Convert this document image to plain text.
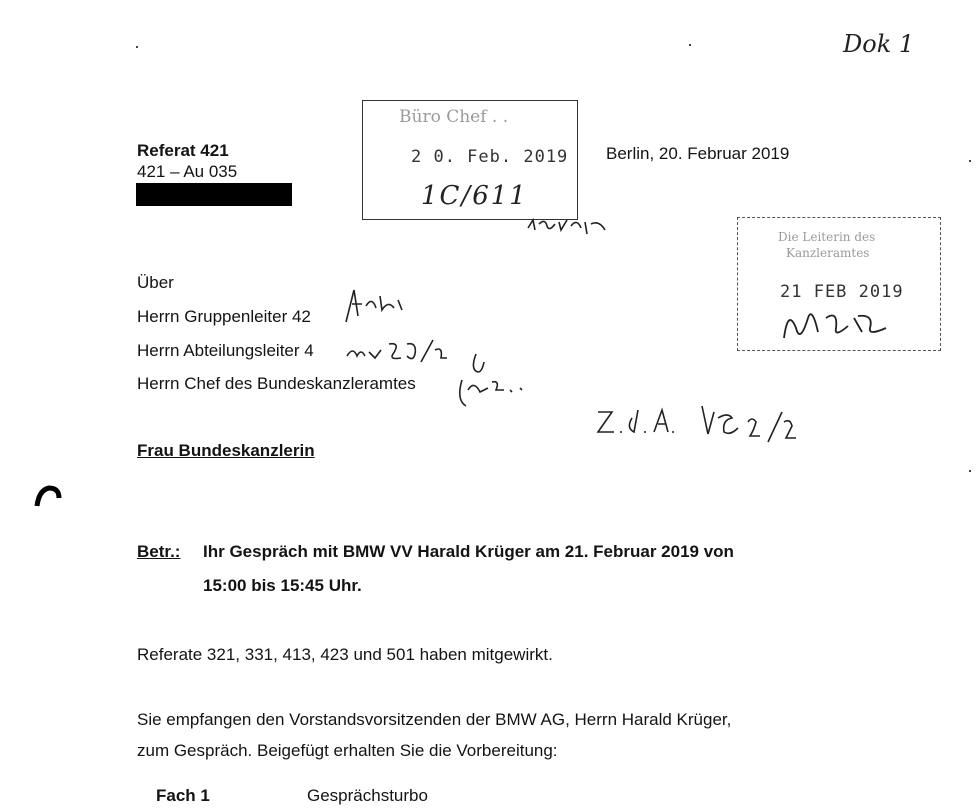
Dok 1
Referat 421
421 – Au 035
Büro Chef . .
2 0. Feb. 2019
1C/611
Berlin, 20. Februar 2019
Die Leiterin des
Kanzleramtes
21 FEB 2019
Über
Herrn Gruppenleiter 42
Herrn Abteilungsleiter 4
Herrn Chef des Bundeskanzleramtes
Frau Bundeskanzlerin
Betr.: Ihr Gespräch mit BMW VV Harald Krüger am 21. Februar 2019 von
15:00 bis 15:45 Uhr.
Referate 321, 331, 413, 423 und 501 haben mitgewirkt.
Sie empfangen den Vorstandsvorsitzenden der BMW AG, Herrn Harald Krüger,
zum Gespräch. Beigefügt erhalten Sie die Vorbereitung:
Fach 1	Gesprächsturbo
